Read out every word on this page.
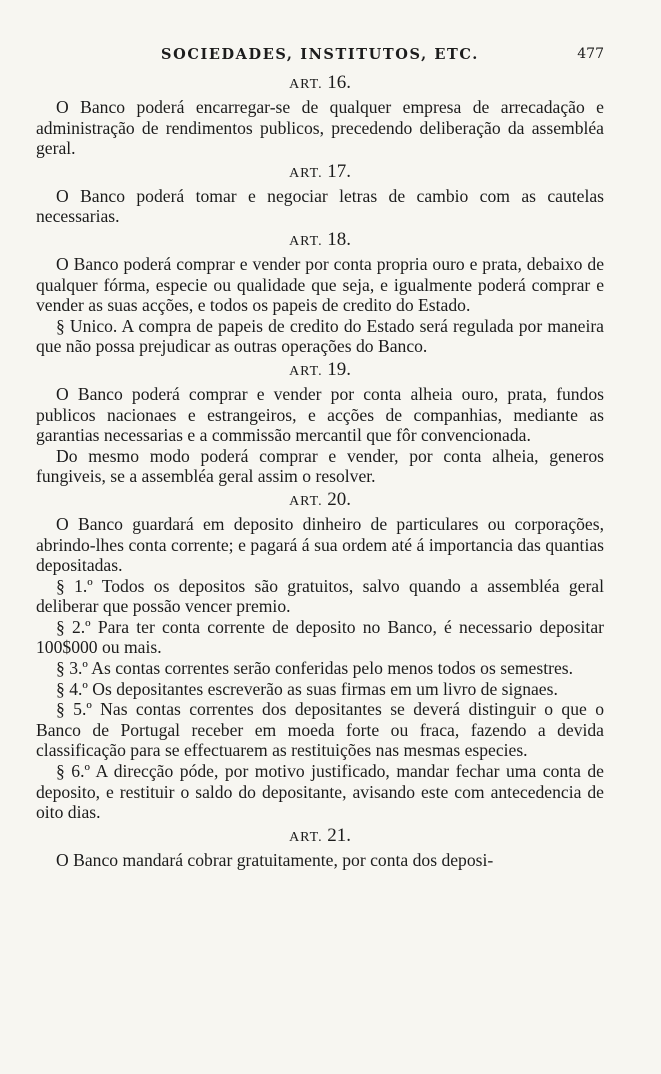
SOCIEDADES, INSTITUTOS, ETC.	477
ART. 16.

O Banco poderá encarregar-se de qualquer empresa de arrecadação e administração de rendimentos publicos, precedendo deliberação da assembléa geral.

ART. 17.

O Banco poderá tomar e negociar letras de cambio com as cautelas necessarias.

ART. 18.

O Banco poderá comprar e vender por conta propria ouro e prata, debaixo de qualquer fórma, especie ou qualidade que seja, e igualmente poderá comprar e vender as suas acções, e todos os papeis de credito do Estado.

§ Unico. A compra de papeis de credito do Estado será regulada por maneira que não possa prejudicar as outras operações do Banco.

ART. 19.

O Banco poderá comprar e vender por conta alheia ouro, prata, fundos publicos nacionaes e estrangeiros, e acções de companhias, mediante as garantias necessarias e a commissão mercantil que fôr convencionada.

Do mesmo modo poderá comprar e vender, por conta alheia, generos fungiveis, se a assembléa geral assim o resolver.

ART. 20.

O Banco guardará em deposito dinheiro de particulares ou corporações, abrindo-lhes conta corrente; e pagará á sua ordem até á importancia das quantias depositadas.

§ 1.º Todos os depositos são gratuitos, salvo quando a assembléa geral deliberar que possão vencer premio.

§ 2.º Para ter conta corrente de deposito no Banco, é necessario depositar 100$000 ou mais.

§ 3.º As contas correntes serão conferidas pelo menos todos os semestres.

§ 4.º Os depositantes escreverão as suas firmas em um livro de signaes.

§ 5.º Nas contas correntes dos depositantes se deverá distinguir o que o Banco de Portugal receber em moeda forte ou fraca, fazendo a devida classificação para se effectuarem as restituições nas mesmas especies.

§ 6.º A direcção póde, por motivo justificado, mandar fechar uma conta de deposito, e restituir o saldo do depositante, avisando este com antecedencia de oito dias.

ART. 21.

O Banco mandará cobrar gratuitamente, por conta dos deposi-
